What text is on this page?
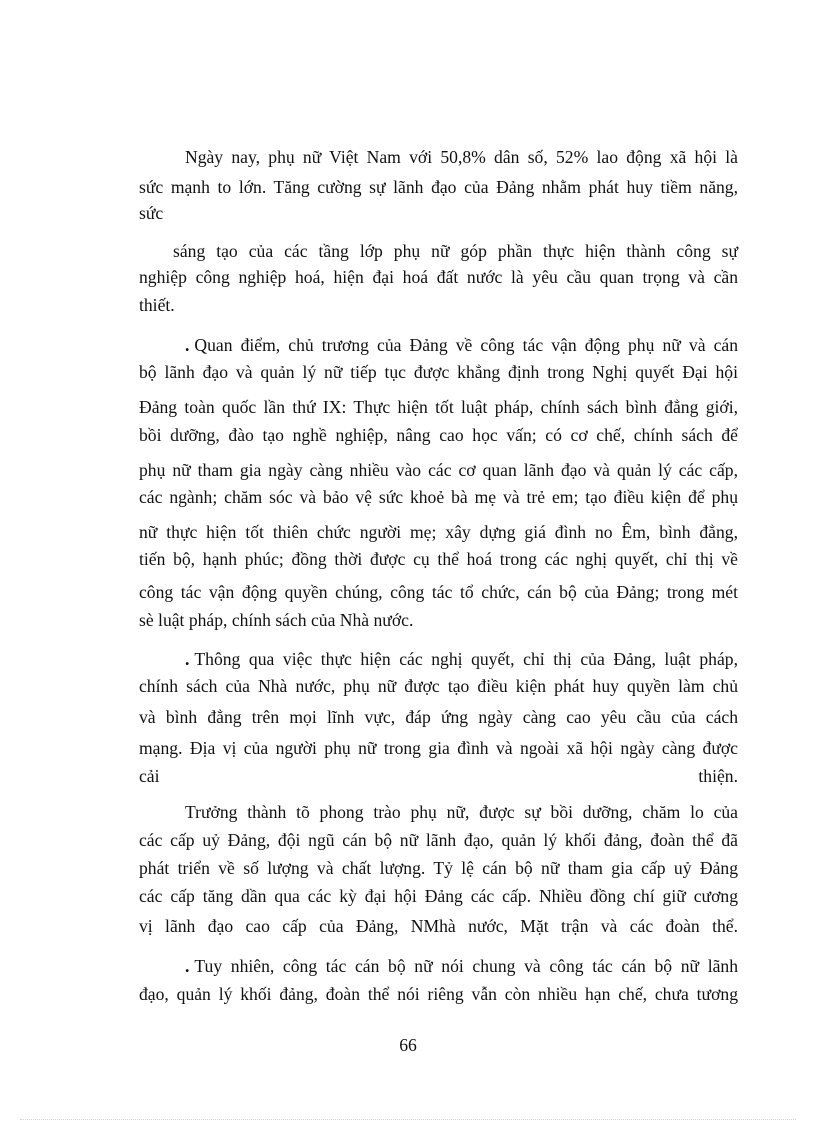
Ngày nay, phụ nữ Việt Nam với 50,8% dân số, 52% lao động xã hội là
sức mạnh to lớn. Tăng cường sự lãnh đạo của Đảng nhằm phát huy tiềm năng,
sức
sáng tạo của các tầng lớp phụ nữ góp phần thực hiện thành công sự
nghiệp công nghiệp hoá, hiện đại hoá đất nước là yêu cầu quan trọng và cần
thiết.
. Quan điểm, chủ trương của Đảng về công tác vận động phụ nữ và cán
bộ lãnh đạo và quản lý nữ tiếp tục được khẳng định trong Nghị quyết Đại hội
Đảng toàn quốc lần thứ IX: Thực hiện tốt luật pháp, chính sách bình đẳng giới,
bồi dưỡng, đào tạo nghề nghiệp, nâng cao học vấn; có cơ chế, chính sách để
phụ nữ tham gia ngày càng nhiều vào các cơ quan lãnh đạo và quản lý các cấp,
các ngành; chăm sóc và bảo vệ sức khoẻ bà mẹ và trẻ em; tạo điều kiện để phụ
nữ thực hiện tốt thiên chức người mẹ; xây dựng giá đình no Êm, bình đẳng,
tiến bộ, hạnh phúc; đồng thời được cụ thể hoá trong các nghị quyết, chỉ thị về
công tác vận động quyền chúng, công tác tổ chức, cán bộ của Đảng; trong mét
sè luật pháp, chính sách của Nhà nước.
. Thông qua việc thực hiện các nghị quyết, chỉ thị của Đảng, luật pháp,
chính sách của Nhà nước, phụ nữ được tạo điều kiện phát huy quyền làm chủ
và bình đẳng trên mọi lĩnh vực, đáp ứng ngày càng cao yêu cầu của cách
mạng. Địa vị của người phụ nữ trong gia đình và ngoài xã hội ngày càng được
cải	thiện.
Trưởng thành tõ phong trào phụ nữ, được sự bồi dưỡng, chăm lo của
các cấp uỷ Đảng, đội ngũ cán bộ nữ lãnh đạo, quản lý khối đảng, đoàn thể đã
phát triển về số lượng và chất lượng. Tỷ lệ cán bộ nữ tham gia cấp uỷ Đảng
các cấp tăng dần qua các kỳ đại hội Đảng các cấp. Nhiều đồng chí giữ cương
vị lãnh đạo cao cấp của Đảng, NMhà nước, Mặt trận và các đoàn thể.
. Tuy nhiên, công tác cán bộ nữ nói chung và công tác cán bộ nữ lãnh
đạo, quản lý khối đảng, đoàn thể nói riêng vẫn còn nhiều hạn chế, chưa tương
66
